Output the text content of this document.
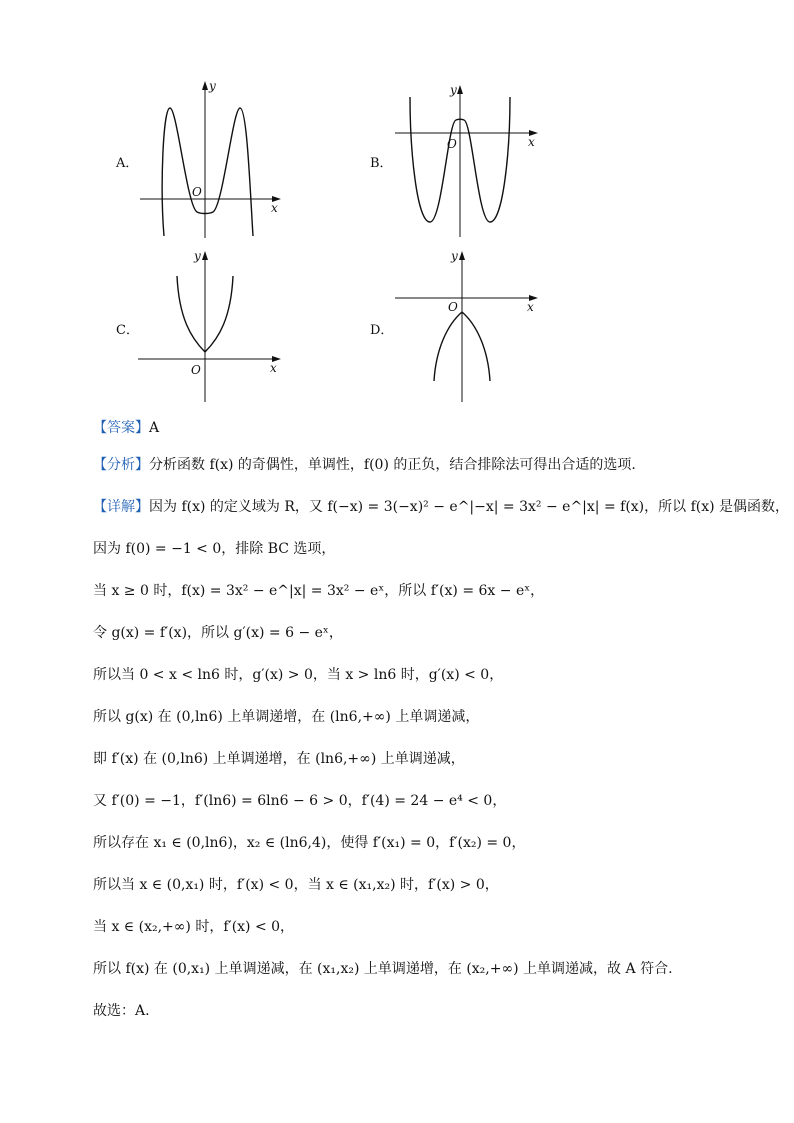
A．
O
x
y
B．
O	x
y
C．
O	x
y
D．
O	x
y
【答案】A
【分析】分析函数 f(x) 的奇偶性，单调性，f(0) 的正负，结合排除法可得出合适的选项.
【详解】因为 f(x) 的定义域为 R，又 f(−x) = 3(−x)² − e^|−x| = 3x² − e^|x| = f(x)，所以 f(x) 是偶函数，
因为 f(0) = −1 < 0，排除 BC 选项，
当 x ≥ 0 时，f(x) = 3x² − e^|x| = 3x² − eˣ，所以 f′(x) = 6x − eˣ，
令 g(x) = f′(x)，所以 g′(x) = 6 − eˣ，
所以当 0 < x < ln6 时，g′(x) > 0，当 x > ln6 时，g′(x) < 0，
所以 g(x) 在 (0,ln6) 上单调递增，在 (ln6,+∞) 上单调递减，
即 f′(x) 在 (0,ln6) 上单调递增，在 (ln6,+∞) 上单调递减，
又 f′(0) = −1，f′(ln6) = 6ln6 − 6 > 0，f′(4) = 24 − e⁴ < 0，
所以存在 x₁ ∈ (0,ln6)，x₂ ∈ (ln6,4)，使得 f′(x₁) = 0，f′(x₂) = 0，
所以当 x ∈ (0,x₁) 时，f′(x) < 0，当 x ∈ (x₁,x₂) 时，f′(x) > 0，
当 x ∈ (x₂,+∞) 时，f′(x) < 0，
所以 f(x) 在 (0,x₁) 上单调递减，在 (x₁,x₂) 上单调递增，在 (x₂,+∞) 上单调递减，故 A 符合.
故选：A.
